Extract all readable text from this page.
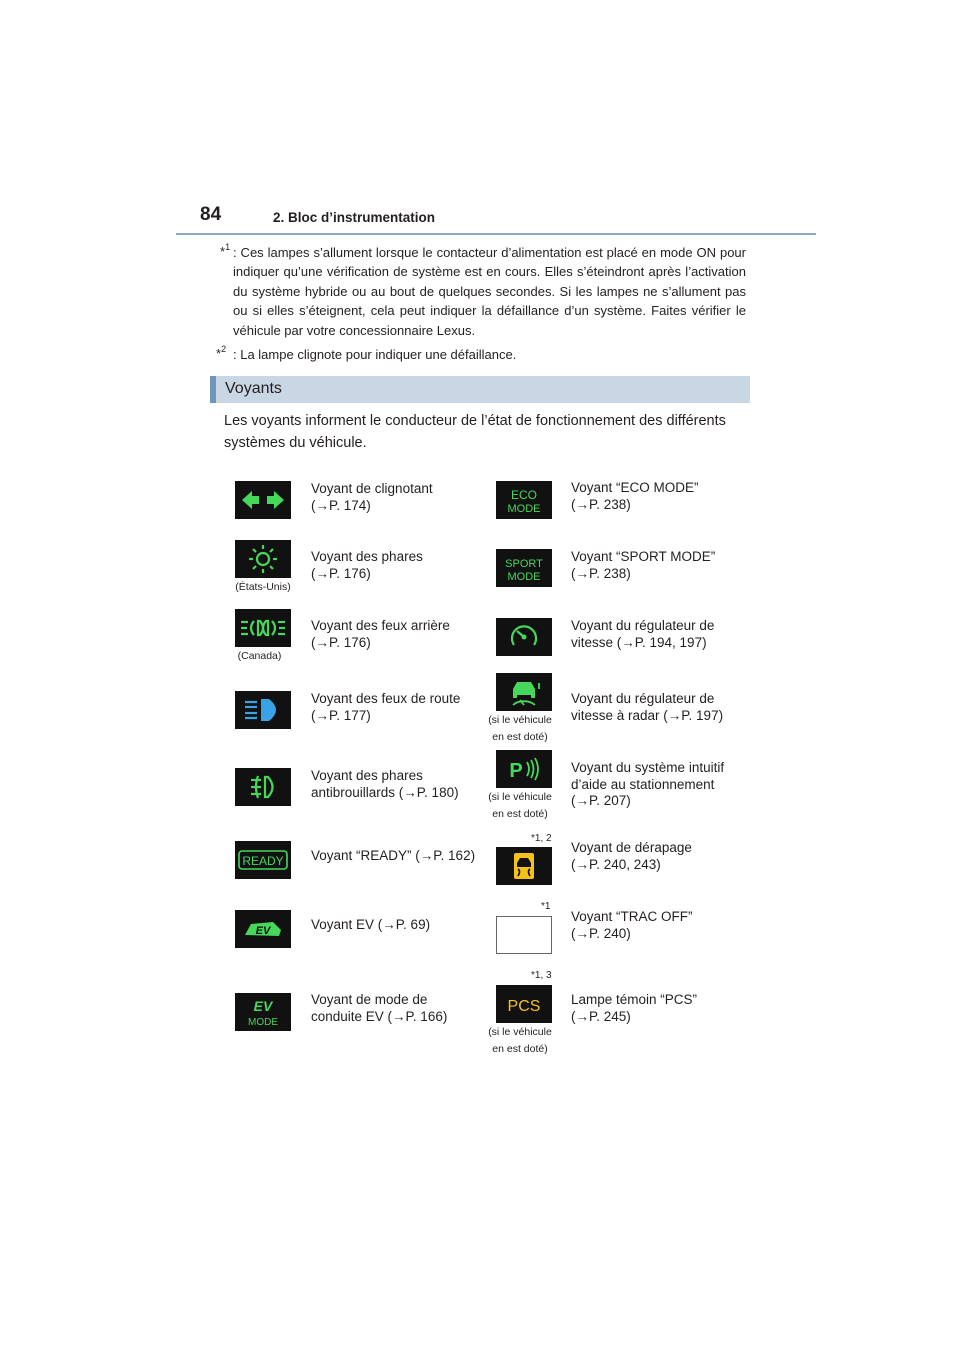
84	2. Bloc d’instrumentation
*$^1$ : Ces lampes s’allument lorsque le contacteur d’alimentation est placé en mode ON pour indiquer qu’une vérification de système est en cours. Elles s’éteindront après l’activation du système hybride ou au bout de quelques secondes. Si les lampes ne s’allument pas ou si elles s’éteignent, cela peut indiquer la défaillance d’un système. Faites vérifier le véhicule par votre concessionnaire Lexus.
*$^2$ : La lampe clignote pour indiquer une défaillance.
Voyants
Les voyants informent le conducteur de l’état de fonctionnement des différents systèmes du véhicule.
Voyant de clignotant
(→P. 174)
(États-Unis)
Voyant des phares
(→P. 176)
(Canada)
Voyant des feux arrière
(→P. 176)
Voyant des feux de route
(→P. 177)
Voyant des phares
antibrouillards (→P. 180)
READY Voyant “READY” (→P. 162)
EV	Voyant EV (→P. 69)
EV
MODE
Voyant de mode de
conduite EV (→P. 166)
ECO
MODE
Voyant “ECO MODE”
(→P. 238)
SPORT
MODE
Voyant “SPORT MODE”
(→P. 238)
Voyant du régulateur de
vitesse (→P. 194, 197)
(si le véhicule
en est doté)
Voyant du régulateur de
vitesse à radar (→P. 197)
P
(si le véhicule
en est doté)
Voyant du système intuitif
d’aide au stationnement
(→P. 207)
*1, 2
Voyant de dérapage
(→P. 240, 243)
*1
Voyant “TRAC OFF”
(→P. 240)
*1, 3
PCS
(si le véhicule
en est doté)
Lampe témoin “PCS”
(→P. 245)
